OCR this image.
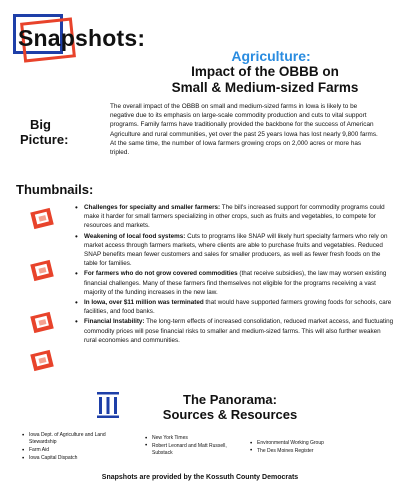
Snapshots:
Agriculture:
Impact of the OBBB on
Small & Medium-sized Farms
Big
Picture:
The overall impact of the OBBB on small and medium-sized farms in Iowa is likely to be negative due to its emphasis on large-scale commodity production and cuts to vital support programs. Family farms have traditionally provided the backbone for the success of American Agriculture and rural communities, yet over the past 25 years Iowa has lost nearly 9,800 farms. At the same time, the number of Iowa farmers growing crops on 2,000 acres or more has tripled.
Thumbnails:
• Challenges for specialty and smaller farmers: The bill's increased support for commodity programs could make it harder for small farmers specializing in other crops, such as fruits and vegetables, to compete for resources and markets.
• Weakening of local food systems: Cuts to programs like SNAP will likely hurt specialty farmers who rely on market access through farmers markets, where clients are able to purchase fruits and vegetables. Reduced SNAP benefits mean fewer customers and sales for smaller producers, as well as fewer fresh foods on the table for families.
• For farmers who do not grow covered commodities (that receive subsidies), the law may worsen existing financial challenges. Many of these farmers find themselves not eligible for the programs receiving a vast majority of the funding increases in the new law.
• In Iowa, over $11 million was terminated that would have supported farmers growing foods for schools, care facilities, and food banks.
• Financial Instability: The long-term effects of increased consolidation, reduced market access, and fluctuating commodity prices will pose financial risks to smaller and medium-sized farms. This will also further weaken rural economies and communities.
The Panorama:
Sources & Resources
• Iowa Dept. of Agriculture and Land Stewardship
• Farm Aid
• Iowa Capital Dispatch
• New York Times
• Robert Leonard and Matt Russell, Substack
• Environmental Working Group
• The Des Moines Register
Snapshots are provided by the Kossuth County Democrats
